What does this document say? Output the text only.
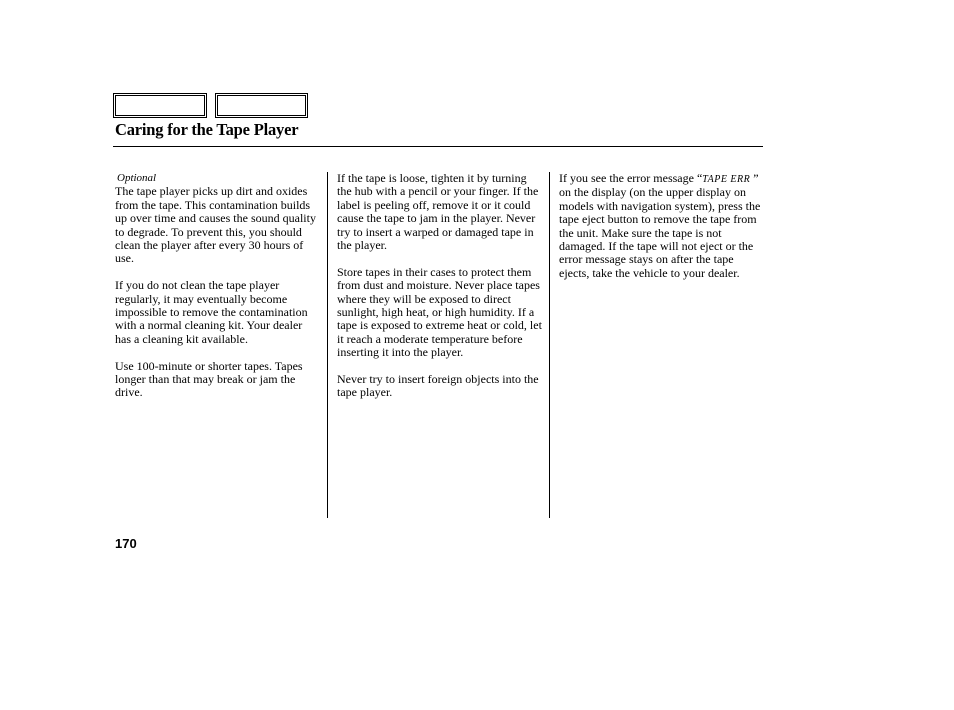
Caring for the Tape Player
Optional

The tape player picks up dirt and oxides from the tape. This contamination builds up over time and causes the sound quality to degrade. To prevent this, you should clean the player after every 30 hours of use.

If you do not clean the tape player regularly, it may eventually become impossible to remove the contamination with a normal cleaning kit. Your dealer has a cleaning kit available.

Use 100-minute or shorter tapes. Tapes longer than that may break or jam the drive.

If the tape is loose, tighten it by turning the hub with a pencil or your finger. If the label is peeling off, remove it or it could cause the tape to jam in the player. Never try to insert a warped or damaged tape in the player.

Store tapes in their cases to protect them from dust and moisture. Never place tapes where they will be exposed to direct sunlight, high heat, or high humidity. If a tape is exposed to extreme heat or cold, let it reach a moderate temperature before inserting it into the player.

Never try to insert foreign objects into the tape player.

If you see the error message “TAPE ERR ” on the display (on the upper display on models with navigation system), press the tape eject button to remove the tape from the unit. Make sure the tape is not damaged. If the tape will not eject or the error message stays on after the tape ejects, take the vehicle to your dealer.

170
